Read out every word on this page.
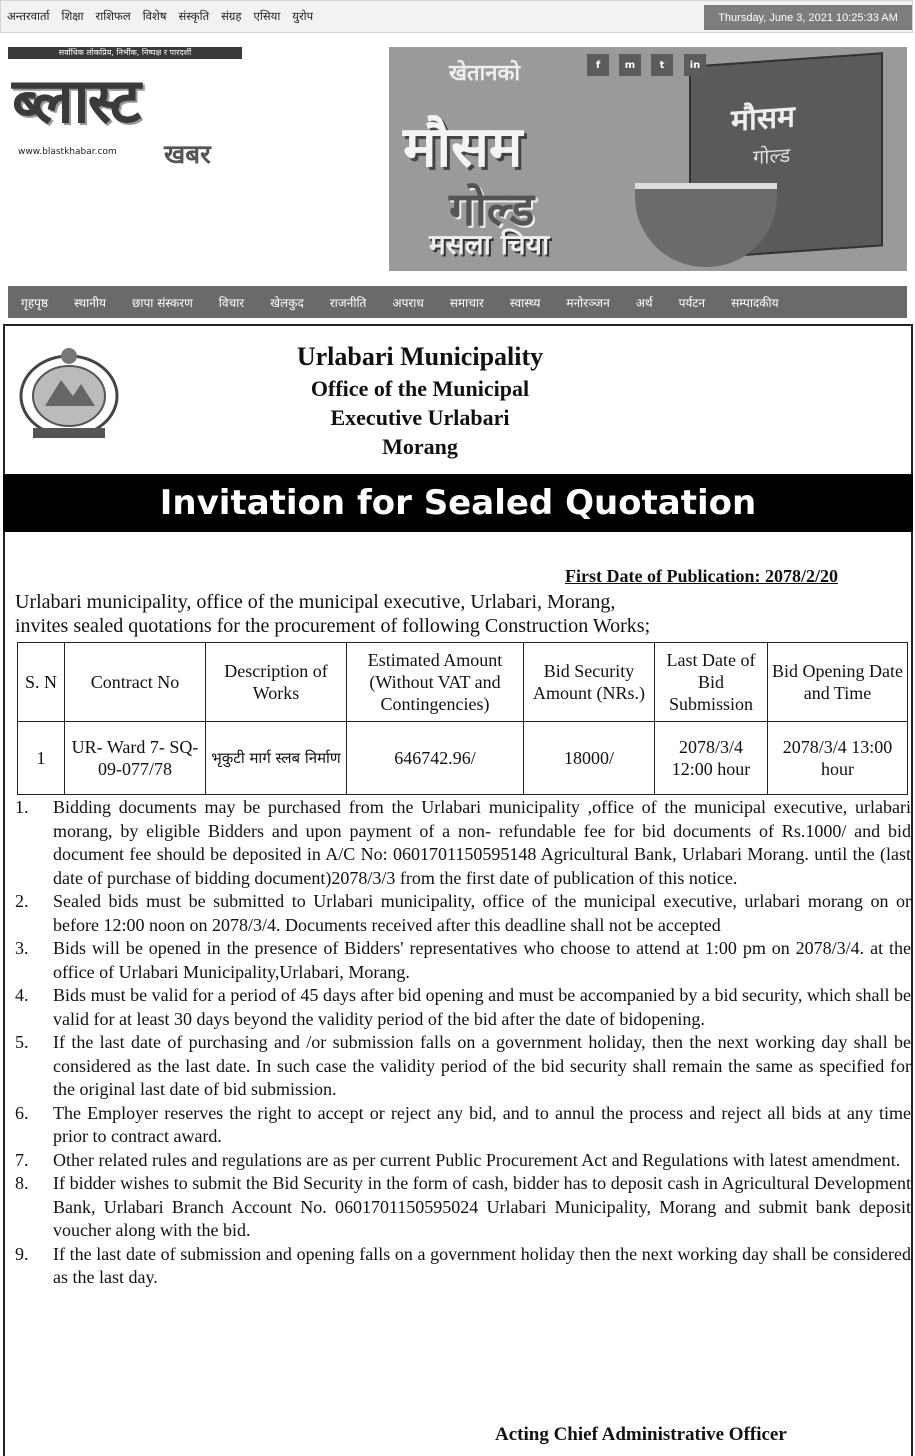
अन्तरवार्ता शिक्षा राशिफल विशेष संस्कृति संग्रह एसिया युरोप	Thursday, June 3, 2021 10:25:33 AM
सर्वाधिक लोकप्रिय, निर्भीक, निष्पक्ष र पारदर्शी
ब्लास्ट
खबर
www.blastkhabar.com
मौसम
गोल्ड
खेतानको
मौसम
गोल्ड
मसला चिया
f	m	t	in
गृहपृष्ठ	स्थानीय	छापा संस्करण	विचार	खेलकुद	राजनीति	अपराध	समाचार	स्वास्थ्य	मनोरञ्जन	अर्थ	पर्यटन	सम्पादकीय
Urlabari Municipality
Office of the Municipal
Executive Urlabari
Morang
Invitation for Sealed Quotation
First Date of Publication: 2078/2/20
Urlabari municipality, office of the municipal executive, Urlabari, Morang,
invites sealed quotations for the procurement of following Construction Works;
S. N	Contract No	Description of Works	Estimated Amount (Without VAT and Contingencies)	Bid Security Amount (NRs.)	Last Date of Bid Submission	Bid Opening Date and Time
1	UR- Ward 7- SQ-09-077/78	भृकुटी मार्ग स्लब निर्माण	646742.96/	18000/	2078/3/4 12:00 hour	2078/3/4 13:00 hour
1.	Bidding documents may be purchased from the Urlabari municipality ,office of the municipal executive, urlabari morang, by eligible Bidders and upon payment of a non- refundable fee for bid documents of Rs.1000/ and bid document fee should be deposited in A/C No: 0601701150595148 Agricultural Bank, Urlabari Morang. until the (last date of purchase of bidding document)2078/3/3 from the first date of publication of this notice.
2.	Sealed bids must be submitted to Urlabari municipality, office of the municipal executive, urlabari morang on or before 12:00 noon on 2078/3/4. Documents received after this deadline shall not be accepted
3.	Bids will be opened in the presence of Bidders' representatives who choose to attend at 1:00 pm on 2078/3/4. at the office of Urlabari Municipality,Urlabari, Morang.
4.	Bids must be valid for a period of 45 days after bid opening and must be accompanied by a bid security, which shall be valid for at least 30 days beyond the validity period of the bid after the date of bidopening.
5.	If the last date of purchasing and /or submission falls on a government holiday, then the next working day shall be considered as the last date. In such case the validity period of the bid security shall remain the same as specified for the original last date of bid submission.
6.	The Employer reserves the right to accept or reject any bid, and to annul the process and reject all bids at any time prior to contract award.
7.	Other related rules and regulations are as per current Public Procurement Act and Regulations with latest amendment.
8.	If bidder wishes to submit the Bid Security in the form of cash, bidder has to deposit cash in Agricultural Development Bank, Urlabari Branch Account No. 0601701150595024 Urlabari Municipality, Morang and submit bank deposit voucher along with the bid.
9.	If the last date of submission and opening falls on a government holiday then the next working day shall be considered as the last day.
Acting Chief Administrative Officer
